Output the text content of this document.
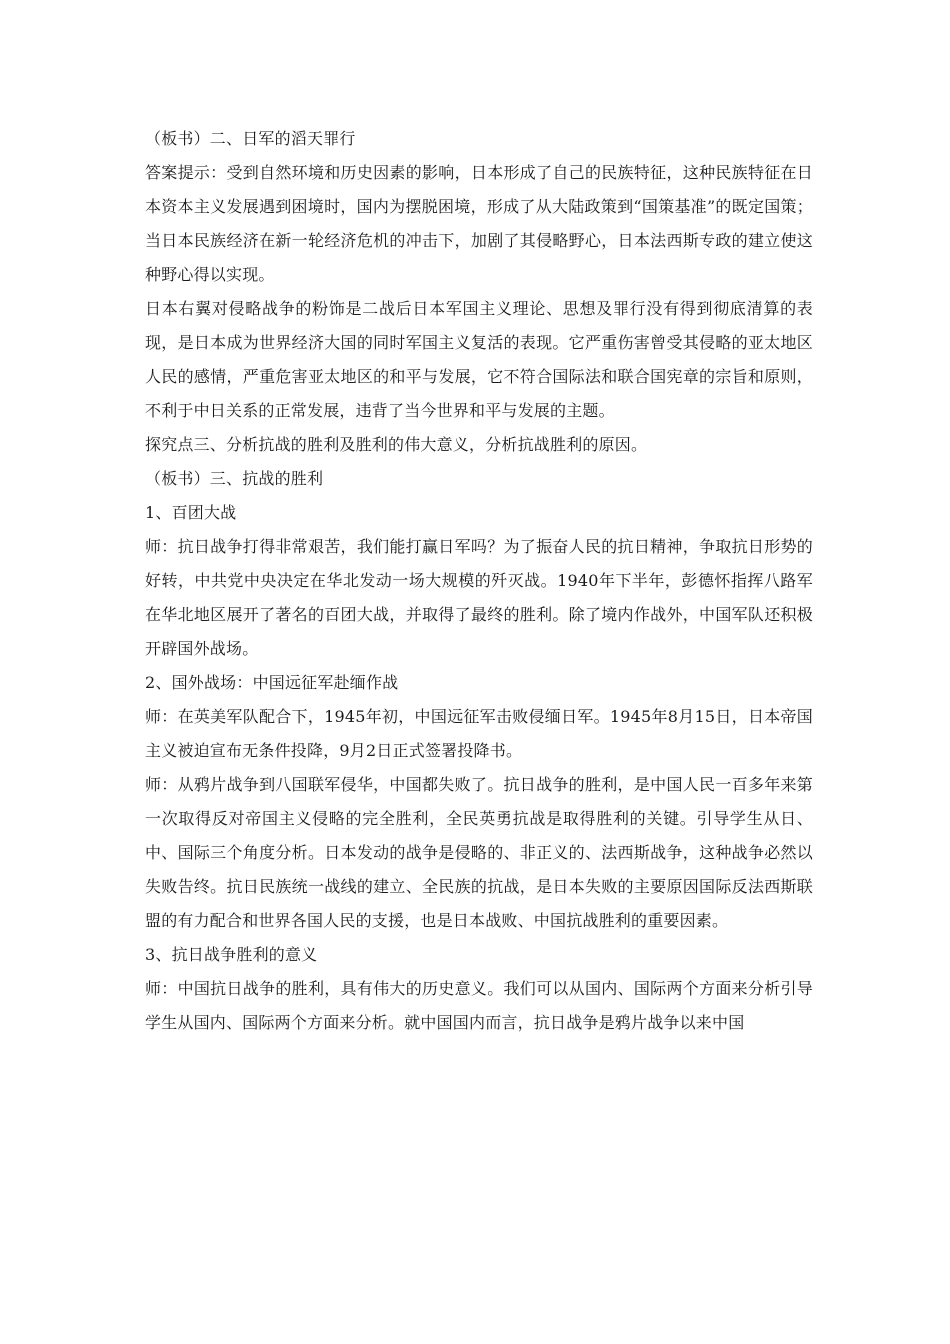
（板书）二、日军的滔天罪行

答案提示：受到自然环境和历史因素的影响，日本形成了自己的民族特征，这种民族特征在日本资本主义发展遇到困境时，国内为摆脱困境，形成了从大陆政策到“国策基准”的既定国策；当日本民族经济在新一轮经济危机的冲击下，加剧了其侵略野心，日本法西斯专政的建立使这种野心得以实现。

日本右翼对侵略战争的粉饰是二战后日本军国主义理论、思想及罪行没有得到彻底清算的表现，是日本成为世界经济大国的同时军国主义复活的表现。它严重伤害曾受其侵略的亚太地区人民的感情，严重危害亚太地区的和平与发展，它不符合国际法和联合国宪章的宗旨和原则，不利于中日关系的正常发展，违背了当今世界和平与发展的主题。

探究点三、分析抗战的胜利及胜利的伟大意义，分析抗战胜利的原因。

（板书）三、抗战的胜利

1、百团大战

师：抗日战争打得非常艰苦，我们能打赢日军吗？为了振奋人民的抗日精神，争取抗日形势的好转，中共党中央决定在华北发动一场大规模的歼灭战。1940年下半年，彭德怀指挥八路军在华北地区展开了著名的百团大战，并取得了最终的胜利。除了境内作战外，中国军队还积极开辟国外战场。

2、国外战场：中国远征军赴缅作战

师：在英美军队配合下，1945年初，中国远征军击败侵缅日军。1945年8月15日，日本帝国主义被迫宣布无条件投降，9月2日正式签署投降书。

师：从鸦片战争到八国联军侵华，中国都失败了。抗日战争的胜利，是中国人民一百多年来第一次取得反对帝国主义侵略的完全胜利，全民英勇抗战是取得胜利的关键。引导学生从日、中、国际三个角度分析。日本发动的战争是侵略的、非正义的、法西斯战争，这种战争必然以失败告终。抗日民族统一战线的建立、全民族的抗战，是日本失败的主要原因国际反法西斯联盟的有力配合和世界各国人民的支援，也是日本战败、中国抗战胜利的重要因素。

3、抗日战争胜利的意义

师：中国抗日战争的胜利，具有伟大的历史意义。我们可以从国内、国际两个方面来分析引导学生从国内、国际两个方面来分析。就中国国内而言，抗日战争是鸦片战争以来中国
